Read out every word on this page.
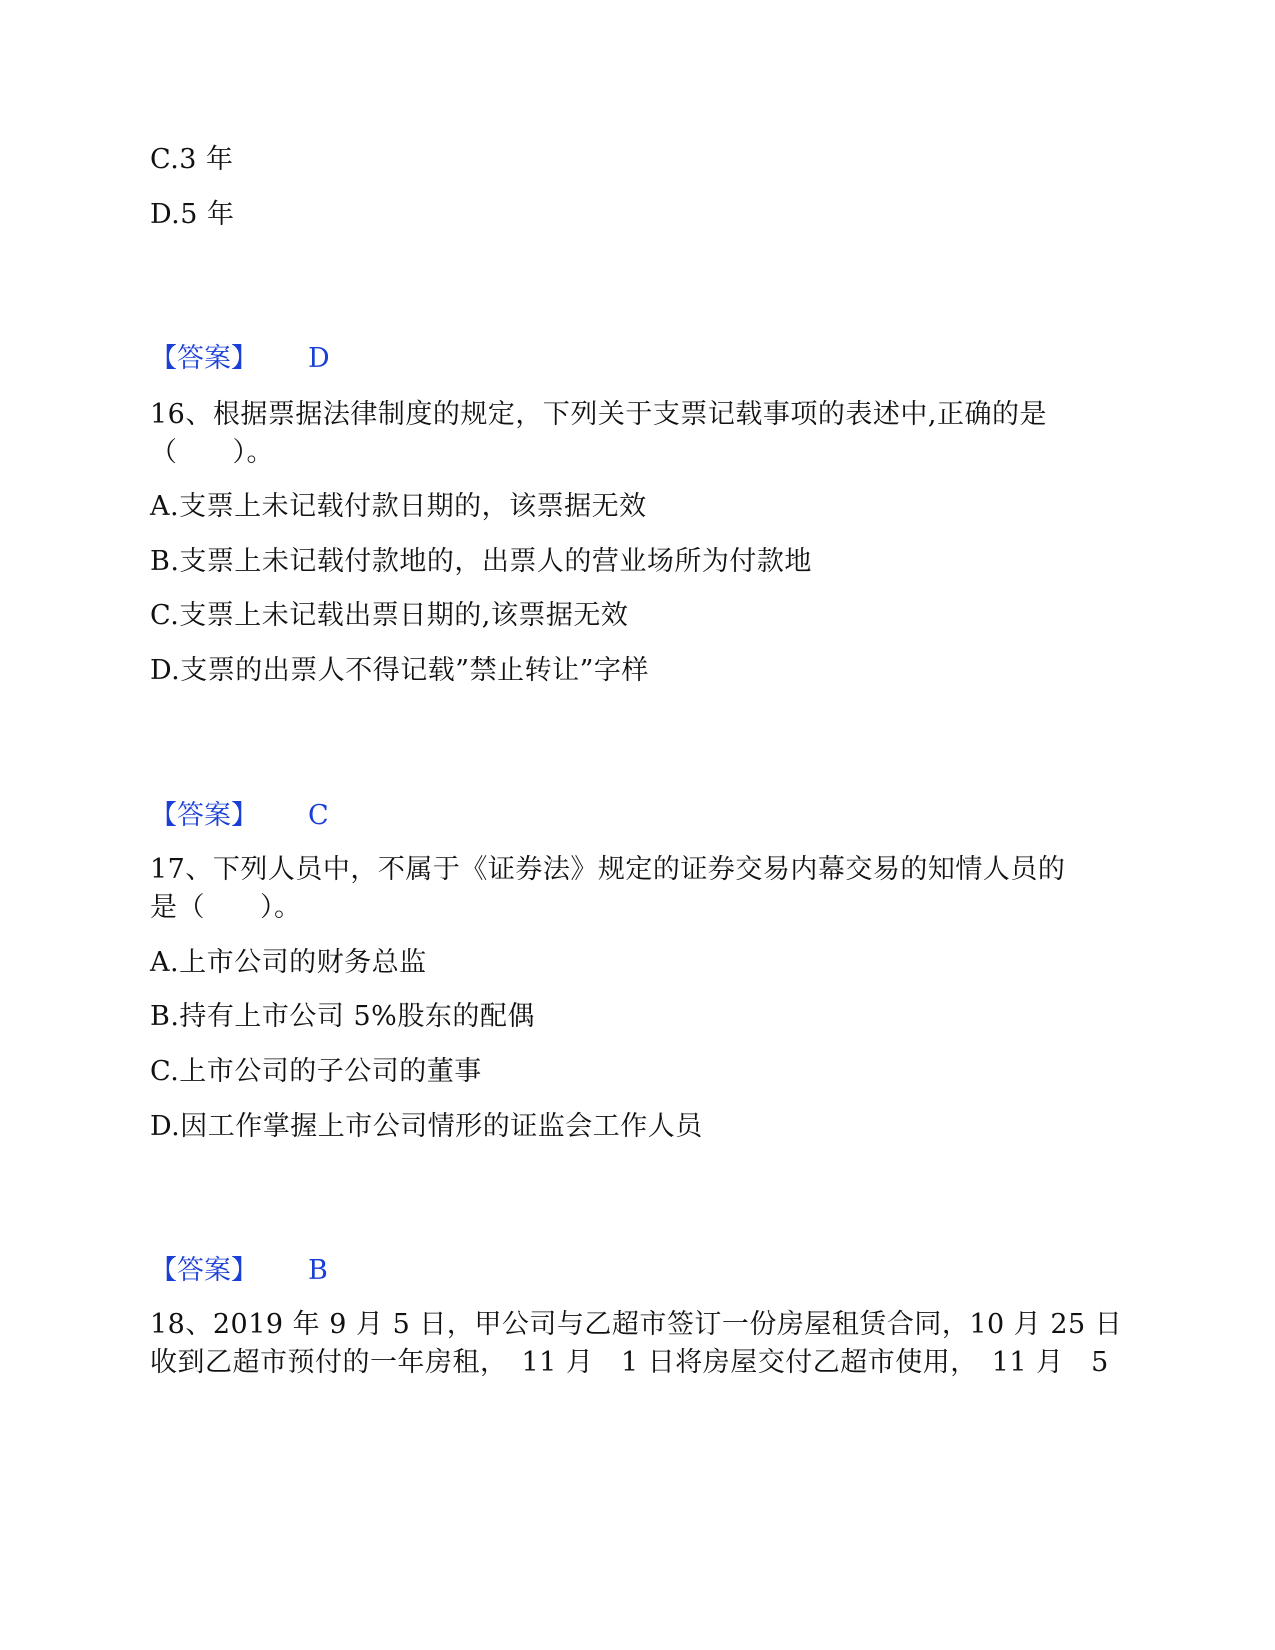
C.3 年
D.5 年
【答案】 D
16、根据票据法律制度的规定，下列关于支票记载事项的表述中,正确的是
（　　）。
A.支票上未记载付款日期的，该票据无效
B.支票上未记载付款地的，出票人的营业场所为付款地
C.支票上未记载出票日期的,该票据无效
D.支票的出票人不得记载”禁止转让”字样
【答案】 C
17、下列人员中，不属于《证券法》规定的证券交易内幕交易的知情人员的
是（　　）。
A.上市公司的财务总监
B.持有上市公司 5%股东的配偶
C.上市公司的子公司的董事
D.因工作掌握上市公司情形的证监会工作人员
【答案】 B
18、2019 年 9 月 5 日，甲公司与乙超市签订一份房屋租赁合同，10 月 25 日
收到乙超市预付的一年房租，　11 月　1 日将房屋交付乙超市使用，　11 月　5
